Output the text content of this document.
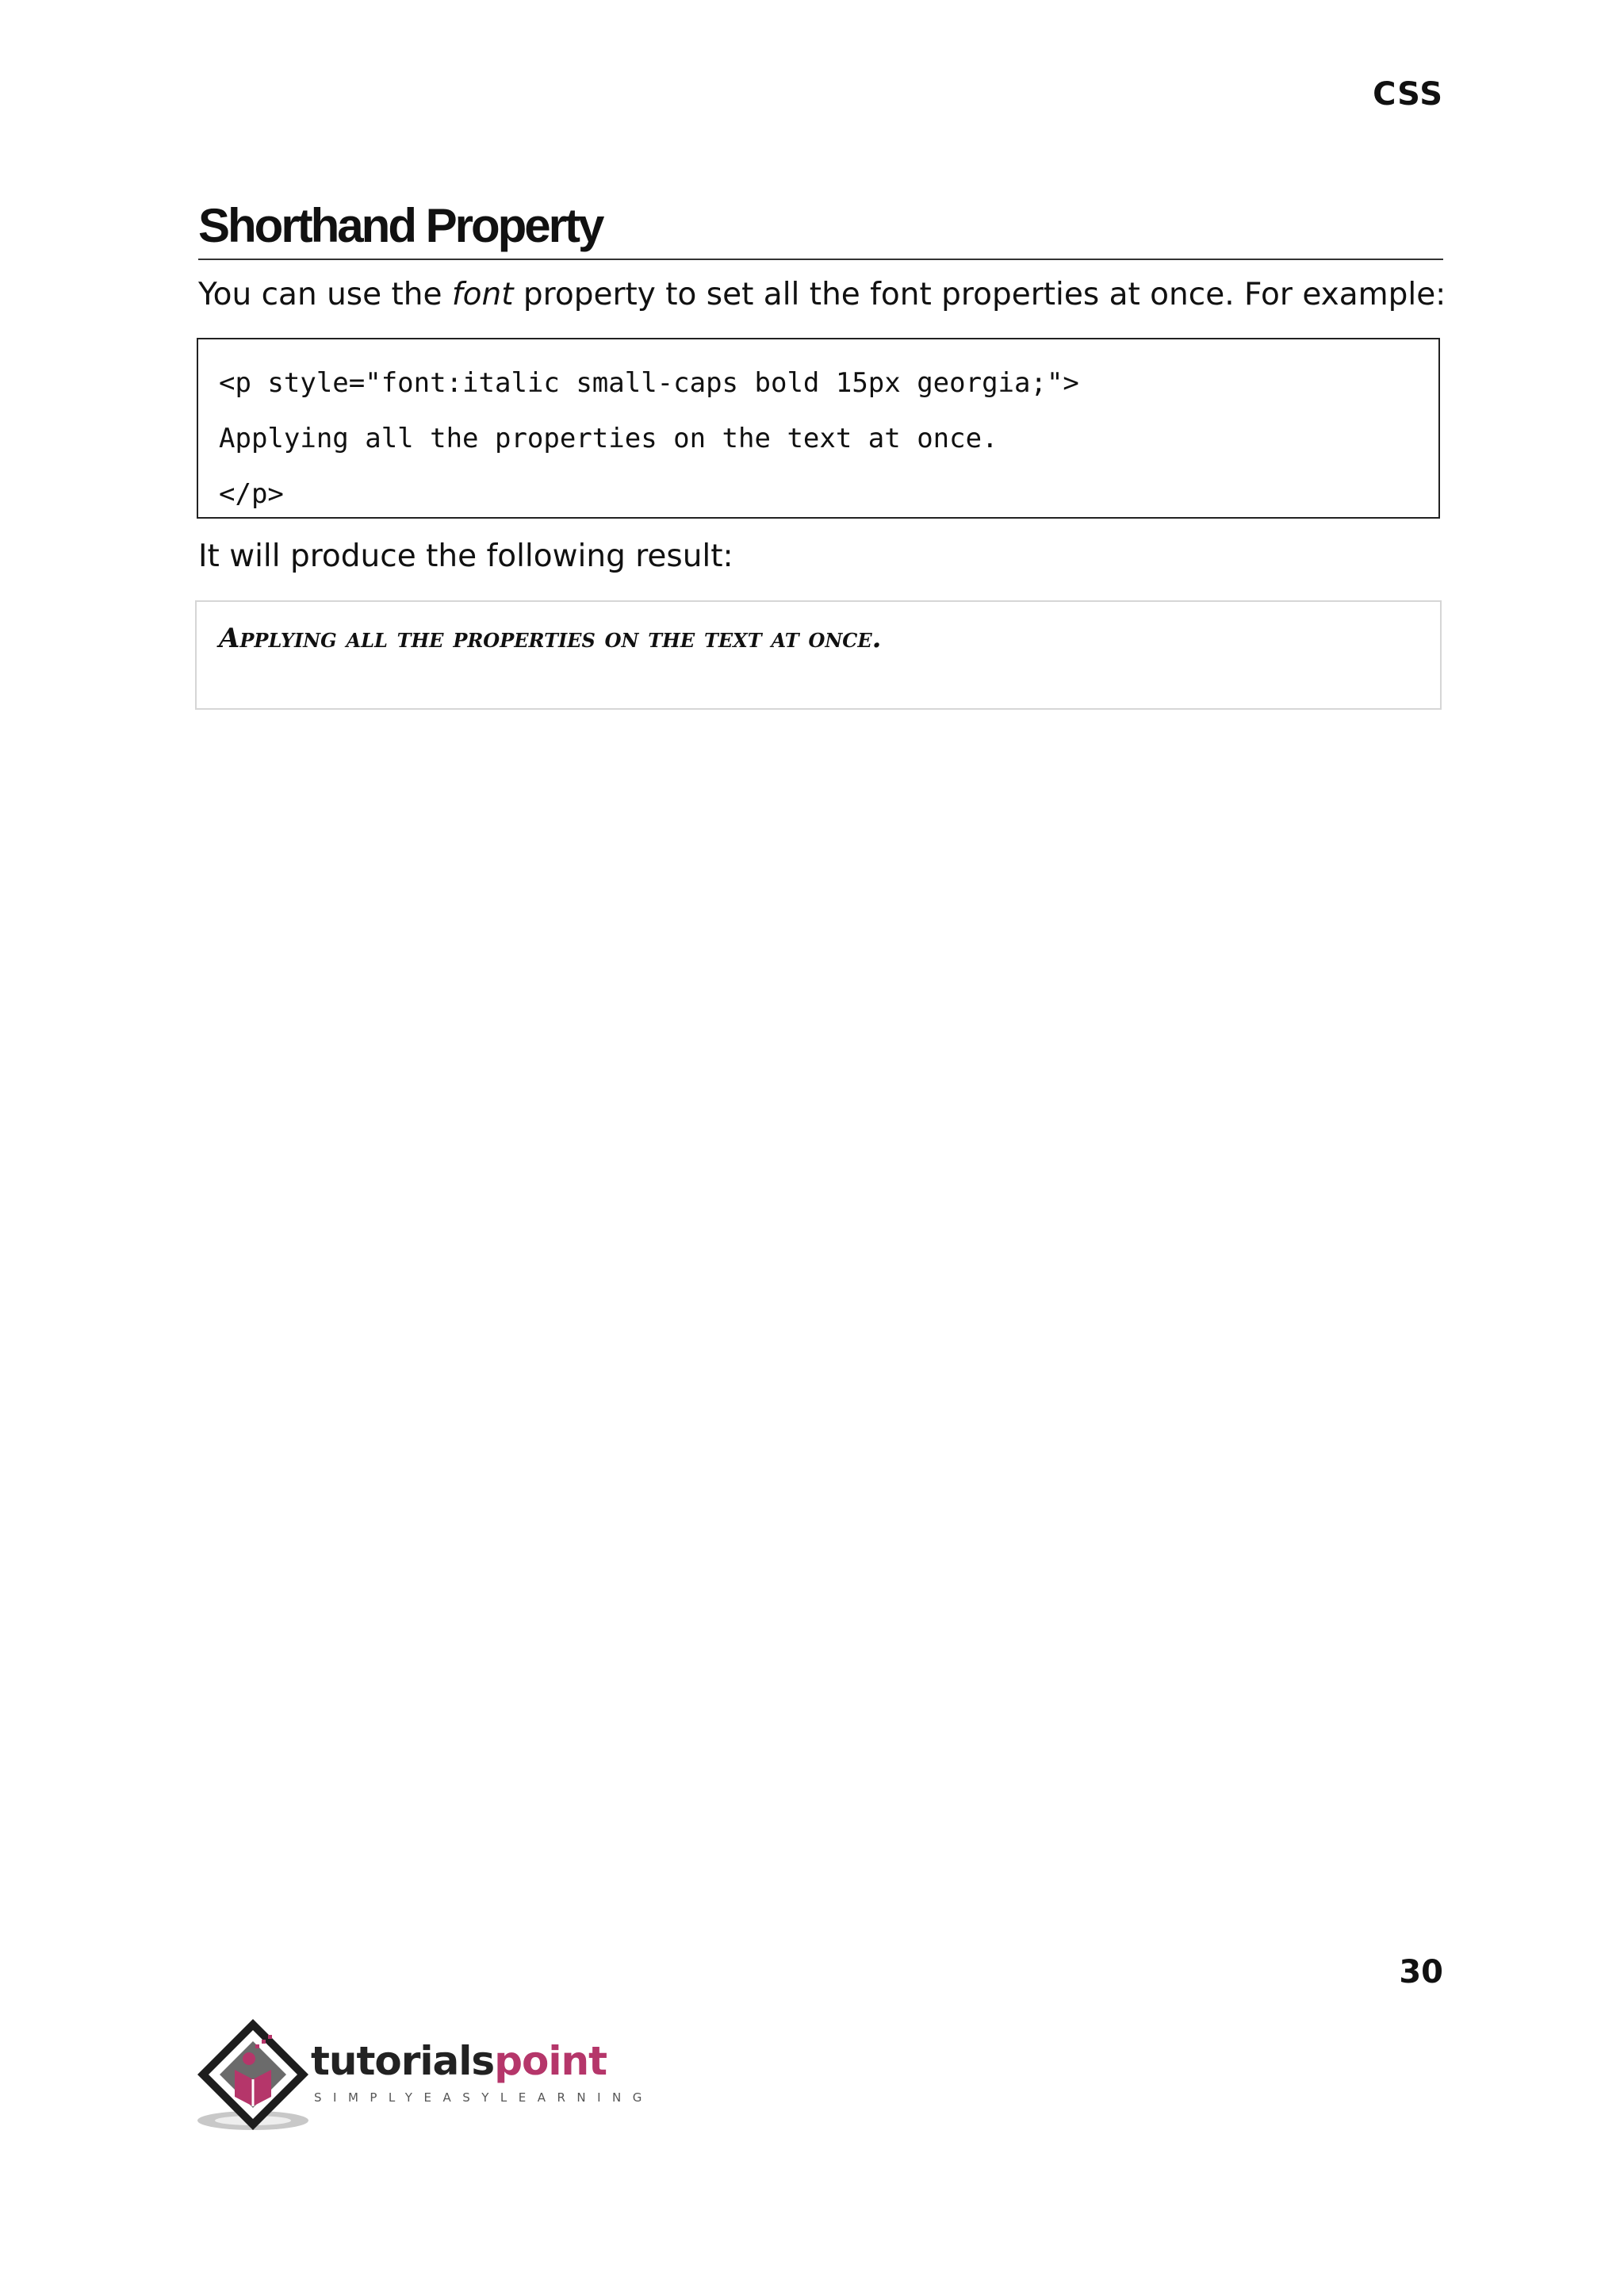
CSS
Shorthand Property
You can use the font property to set all the font properties at once. For example:
<p style="font:italic small-caps bold 15px georgia;">
Applying all the properties on the text at once.
</p>
It will produce the following result:
Applying all the properties on the text at once.
30
tutorialspoint
SIMPLYEASYLEARNING
